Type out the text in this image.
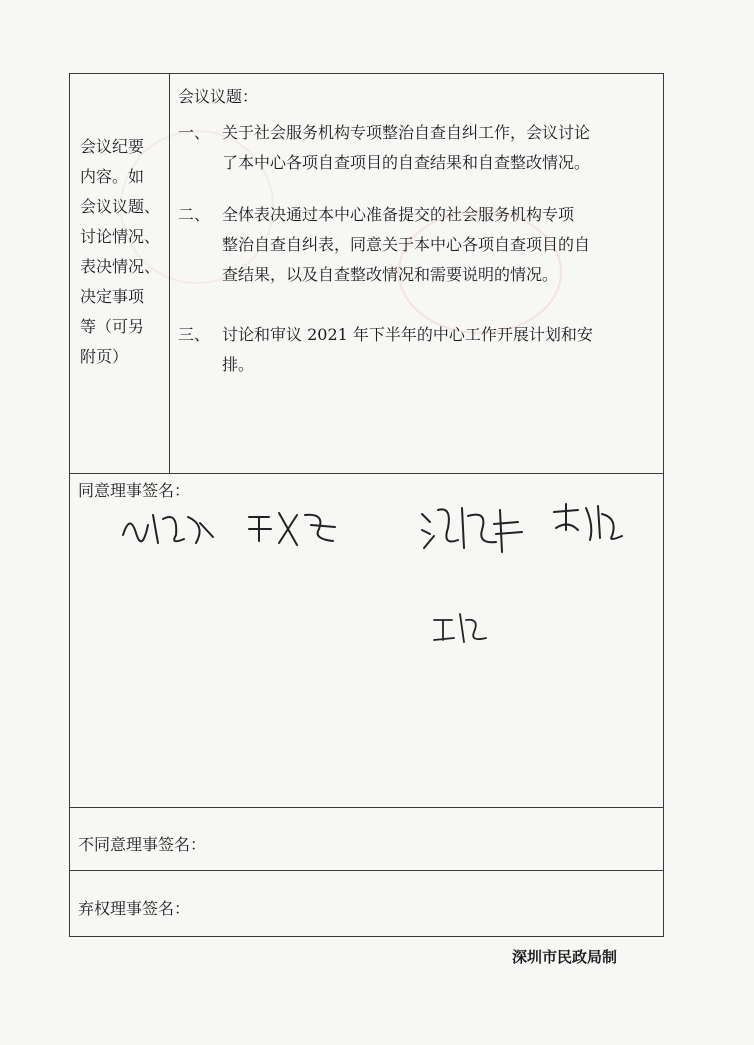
会议纪要
内容。如
会议议题、
讨论情况、
表决情况、
决定事项
等（可另
附页）
会议议题：
一、 关于社会服务机构专项整治自查自纠工作，会议讨论
了本中心各项自查项目的自查结果和自查整改情况。
二、 全体表决通过本中心准备提交的社会服务机构专项
整治自查自纠表，同意关于本中心各项自查项目的自
查结果，以及自查整改情况和需要说明的情况。
三、 讨论和审议 2021 年下半年的中心工作开展计划和安
排。
同意理事签名：
不同意理事签名：
弃权理事签名：
深圳市民政局制
